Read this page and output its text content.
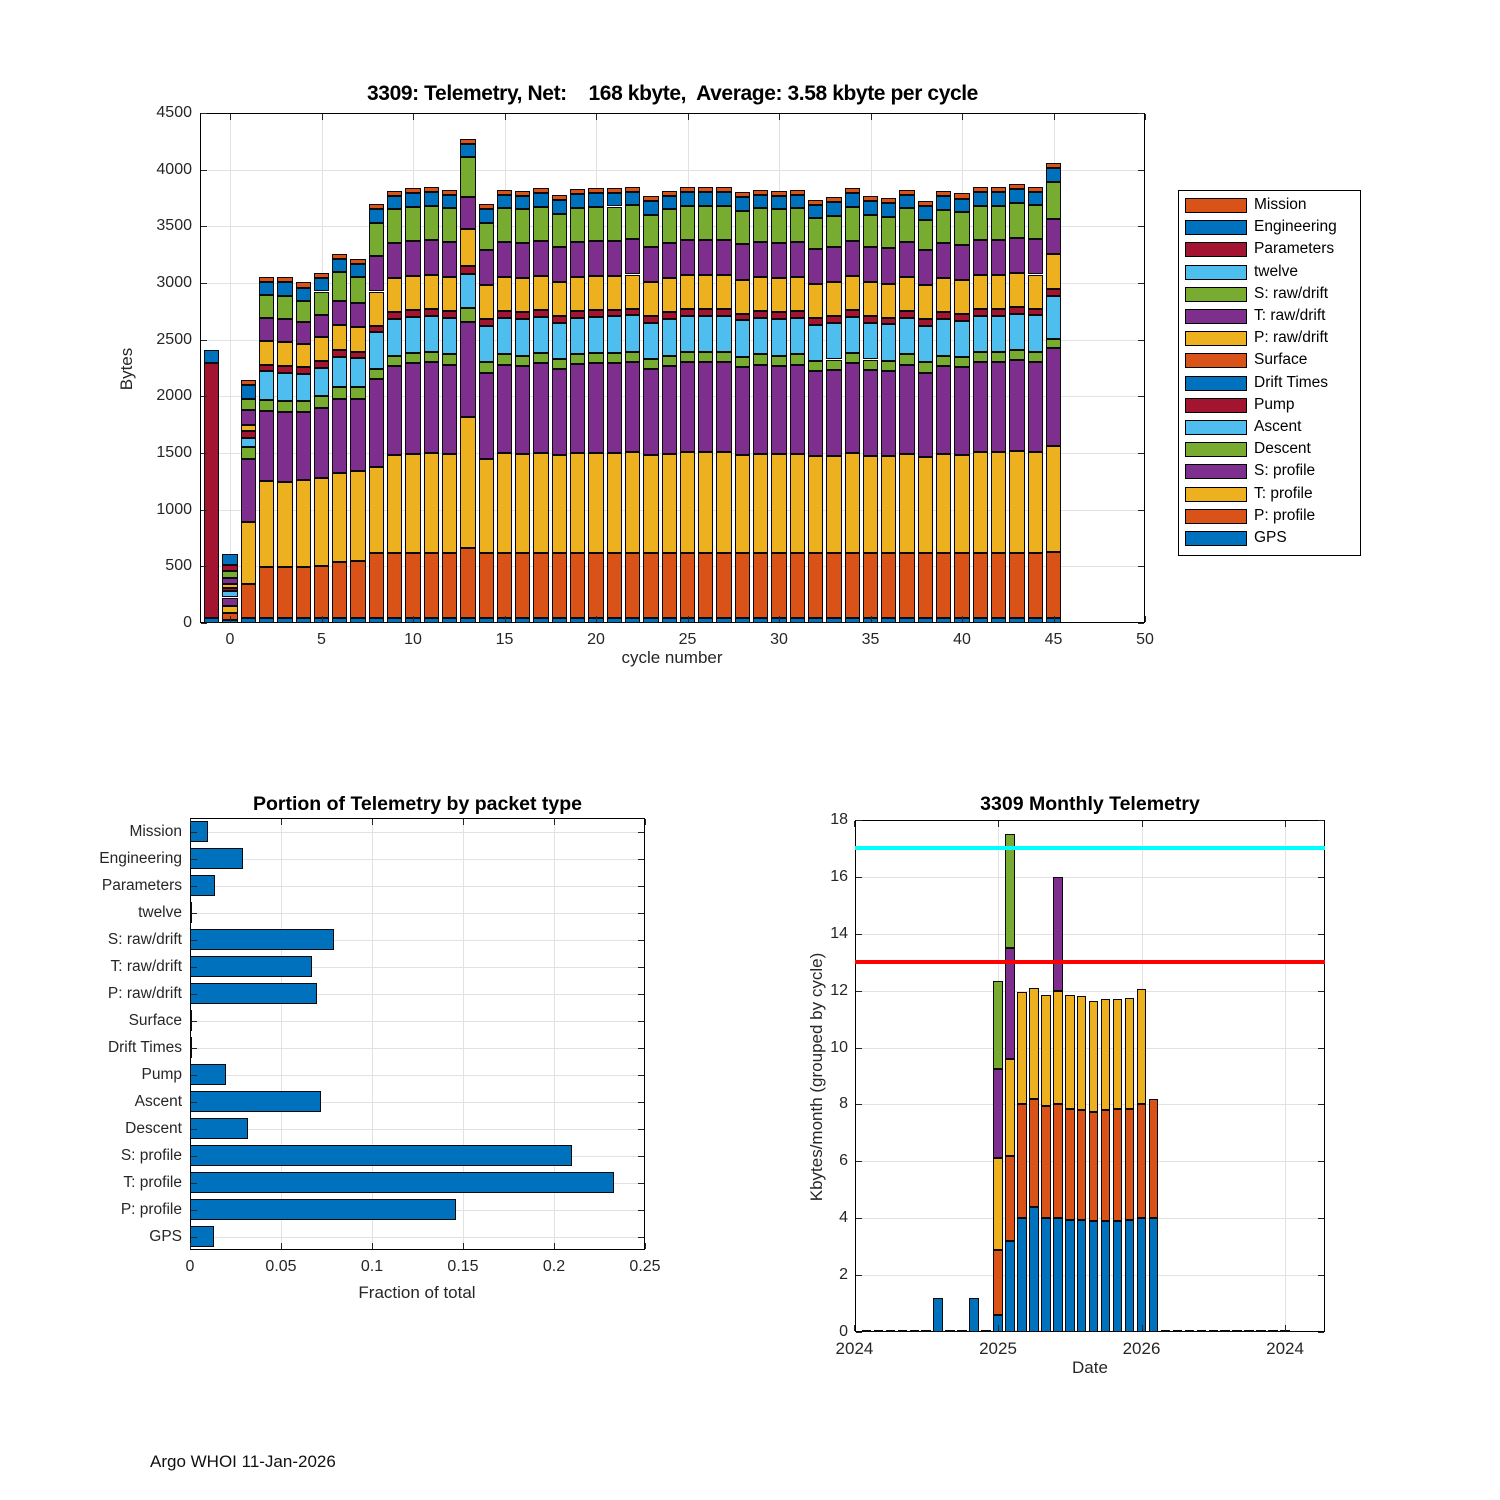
3309: Telemetry, Net:    168 kbyte,  Average: 3.58 kbyte per cycle
Bytes
cycle number
Mission
Engineering
Parameters
twelve
S: raw/drift
T: raw/drift
P: raw/drift
Surface
Drift Times
Pump
Ascent
Descent
S: profile
T: profile
P: profile
GPS
Portion of Telemetry by packet type
Fraction of total
3309 Monthly Telemetry
Kbytes/month (grouped by cycle)
Date
Argo WHOI 11-Jan-2026
0
500
1000
1500
2000
2500
3000
3500
4000
4500
0	5	10	15	20	25	30	35	40	45	50
Mission
Engineering
Parameters
twelve
S: raw/drift
T: raw/drift
P: raw/drift
Surface
Drift Times
Pump
Ascent
Descent
S: profile
T: profile
P: profile
GPS
0	0.05	0.1	0.15	0.2	0.25
0
2
4
6
8
10
12
14
16
18
2024	2025	2026	2024
